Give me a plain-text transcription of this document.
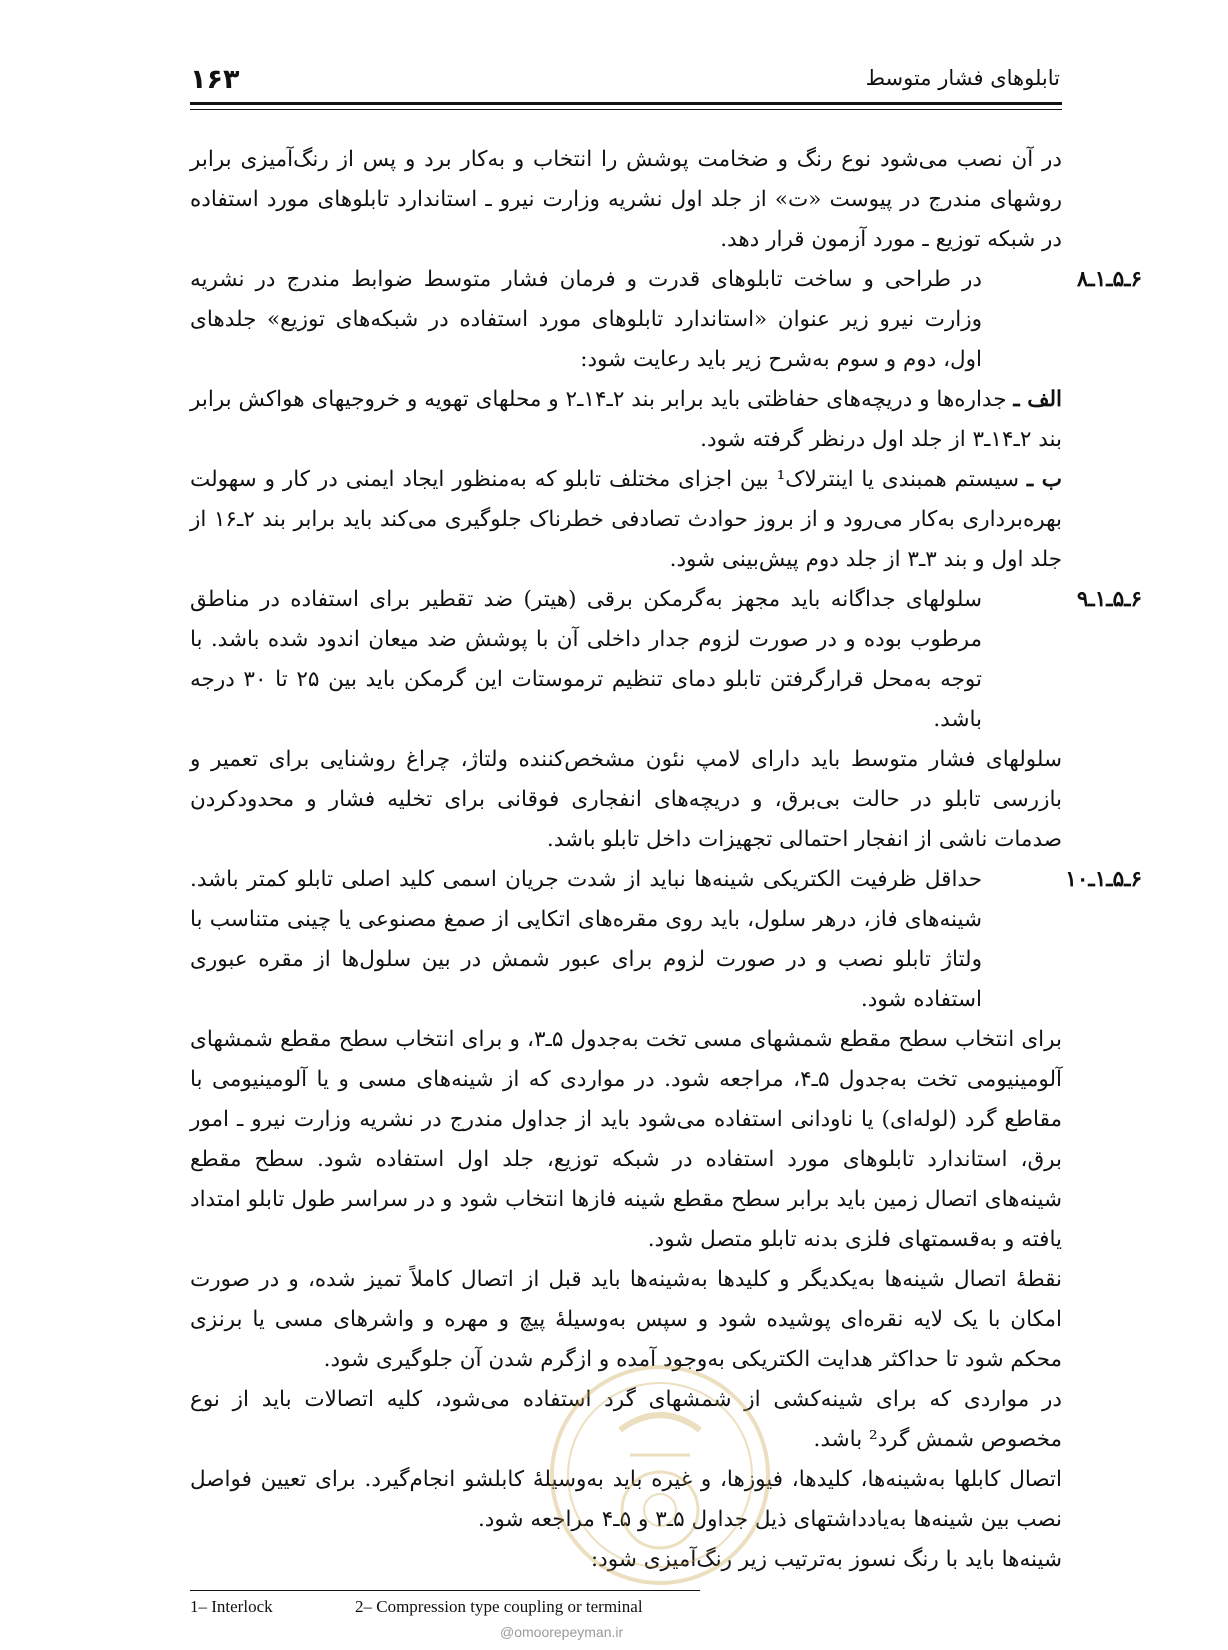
۱۶۳	تابلوهای فشار متوسط

در آن نصب می‌شود نوع رنگ و ضخامت پوشش را انتخاب و به‌کار برد و پس از رنگ‌آمیزی برابر روشهای مندرج در پیوست «ت» از جلد اول نشریه وزارت نیرو ـ استاندارد تابلوهای مورد استفاده در شبکه توزیع ـ مورد آزمون قرار دهد.

۶ـ۵ـ۱ـ۸
در طراحی و ساخت تابلوهای قدرت و فرمان فشار متوسط ضوابط مندرج در نشریه وزارت نیرو زیر عنوان «استاندارد تابلوهای مورد استفاده در شبکه‌های توزیع» جلدهای اول، دوم و سوم به‌شرح زیر باید رعایت شود:

الف ـ جداره‌ها و دریچه‌های حفاظتی باید برابر بند ۲ـ۱۴ـ۲ و محلهای تهویه و خروجیهای هواکش برابر بند ۲ـ۱۴ـ۳ از جلد اول درنظر گرفته شود.

ب ـ سیستم همبندی یا اینترلاک¹ بین اجزای مختلف تابلو که به‌منظور ایجاد ایمنی در کار و سهولت بهره‌برداری به‌کار می‌رود و از بروز حوادث تصادفی خطرناک جلوگیری می‌کند باید برابر بند ۲ـ۱۶ از جلد اول و بند ۳ـ۳ از جلد دوم پیش‌بینی شود.

۶ـ۵ـ۱ـ۹
سلولهای جداگانه باید مجهز به‌گرمکن برقی (هیتر) ضد تقطیر برای استفاده در مناطق مرطوب بوده و در صورت لزوم جدار داخلی آن با پوشش ضد میعان اندود شده باشد. با توجه به‌محل قرارگرفتن تابلو دمای تنظیم ترموستات این گرمکن باید بین ۲۵ تا ۳۰ درجه باشد.

سلولهای فشار متوسط باید دارای لامپ نئون مشخص‌کننده ولتاژ، چراغ روشنایی برای تعمیر و بازرسی تابلو در حالت بی‌برق، و دریچه‌های انفجاری فوقانی برای تخلیه فشار و محدودکردن صدمات ناشی از انفجار احتمالی تجهیزات داخل تابلو باشد.

۶ـ۵ـ۱ـ۱۰
حداقل ظرفیت الکتریکی شینه‌ها نباید از شدت جریان اسمی کلید اصلی تابلو کمتر باشد. شینه‌های فاز، درهر سلول، باید روی مقره‌های اتکایی از صمغ مصنوعی یا چینی متناسب با ولتاژ تابلو نصب و در صورت لزوم برای عبور شمش در بین سلول‌ها از مقره عبوری استفاده شود.

برای انتخاب سطح مقطع شمشهای مسی تخت به‌جدول ۵ـ۳، و برای انتخاب سطح مقطع شمشهای آلومینیومی تخت به‌جدول ۵ـ۴، مراجعه شود. در مواردی که از شینه‌های مسی و یا آلومینیومی با مقاطع گرد (لوله‌ای) یا ناودانی استفاده می‌شود باید از جداول مندرج در نشریه وزارت نیرو ـ امور برق، استاندارد تابلوهای مورد استفاده در شبکه توزیع، جلد اول استفاده شود. سطح مقطع شینه‌های اتصال زمین باید برابر سطح مقطع شینه فازها انتخاب شود و در سراسر طول تابلو امتداد یافته و به‌قسمتهای فلزی بدنه تابلو متصل شود.

نقطهٔ اتصال شینه‌ها به‌یکدیگر و کلیدها به‌شینه‌ها باید قبل از اتصال کاملاً تمیز شده، و در صورت امکان با یک لایه نقره‌ای پوشیده شود و سپس به‌وسیلهٔ پیچ و مهره و واشرهای مسی یا برنزی محکم شود تا حداکثر هدایت الکتریکی به‌وجود آمده و ازگرم شدن آن جلوگیری شود.

در مواردی که برای شینه‌کشی از شمشهای گرد استفاده می‌شود، کلیه اتصالات باید از نوع مخصوص شمش گرد² باشد.

اتصال کابلها به‌شینه‌ها، کلیدها، فیوزها، و غیره باید به‌وسیلهٔ کابلشو انجام‌گیرد. برای تعیین فواصل نصب بین شینه‌ها به‌یادداشتهای ذیل جداول ۵ـ۳ و ۵ـ۴ مراجعه شود.

شینه‌ها باید با رنگ نسوز به‌ترتیب زیر رنگ‌آمیزی شود:

1– Interlock	2– Compression type coupling or terminal
@omoorepeyman.ir
